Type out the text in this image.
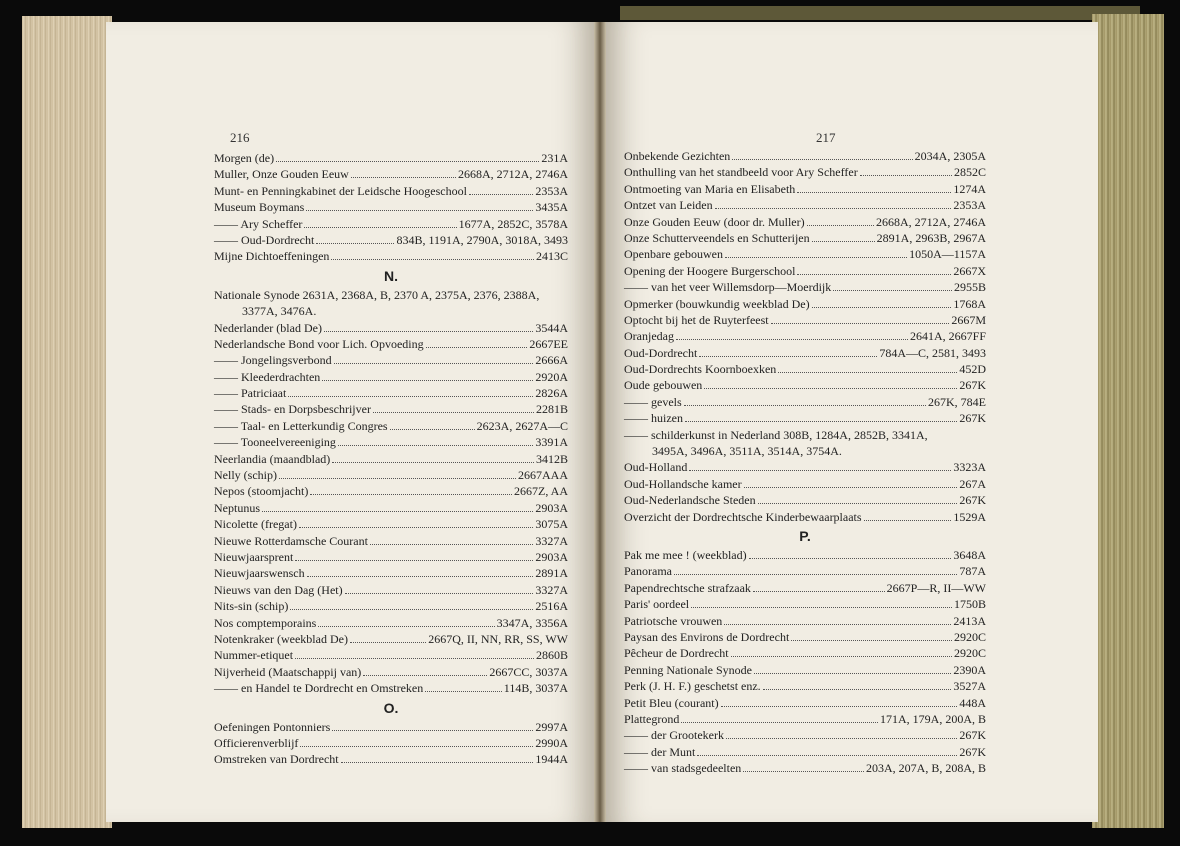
216
Morgen (de)	231A
Muller, Onze Gouden Eeuw	2668A, 2712A, 2746A
Munt- en Penningkabinet der Leidsche Hoogeschool	2353A
Museum Boymans	3435A
—— Ary Scheffer	1677A, 2852C, 3578A
—— Oud-Dordrecht	834B, 1191A, 2790A, 3018A, 3493
Mijne Dichtoeffeningen	2413C
N.
Nationale Synode 2631A, 2368A, B, 2370 A, 2375A, 2376, 2388A,
3377A, 3476A.
Nederlander (blad De)	3544A
Nederlandsche Bond voor Lich. Opvoeding	2667EE
—— Jongelingsverbond	2666A
—— Kleederdrachten	2920A
—— Patriciaat	2826A
—— Stads- en Dorpsbeschrijver	2281B
—— Taal- en Letterkundig Congres	2623A, 2627A—C
—— Tooneelvereeniging	3391A
Neerlandia (maandblad)	3412B
Nelly (schip)	2667AAA
Nepos (stoomjacht)	2667Z, AA
Neptunus	2903A
Nicolette (fregat)	3075A
Nieuwe Rotterdamsche Courant	3327A
Nieuwjaarsprent	2903A
Nieuwjaarswensch	2891A
Nieuws van den Dag (Het)	3327A
Nits-sin (schip)	2516A
Nos comptemporains	3347A, 3356A
Notenkraker (weekblad De)	2667Q, II, NN, RR, SS, WW
Nummer-etiquet	2860B
Nijverheid (Maatschappij van)	2667CC, 3037A
—— en Handel te Dordrecht en Omstreken	114B, 3037A
O.
Oefeningen Pontonniers	2997A
Officierenverblijf	2990A
Omstreken van Dordrecht	1944A
217
Onbekende Gezichten	2034A, 2305A
Onthulling van het standbeeld voor Ary Scheffer	2852C
Ontmoeting van Maria en Elisabeth	1274A
Ontzet van Leiden	2353A
Onze Gouden Eeuw (door dr. Muller)	2668A, 2712A, 2746A
Onze Schutterveendels en Schutterijen	2891A, 2963B, 2967A
Openbare gebouwen	1050A—1157A
Opening der Hoogere Burgerschool	2667X
—— van het veer Willemsdorp—Moerdijk	2955B
Opmerker (bouwkundig weekblad De)	1768A
Optocht bij het de Ruyterfeest	2667M
Oranjedag	2641A, 2667FF
Oud-Dordrecht	784A—C, 2581, 3493
Oud-Dordrechts Koornboexken	452D
Oude gebouwen	267K
—— gevels	267K, 784E
—— huizen	267K
—— schilderkunst in Nederland 308B, 1284A, 2852B, 3341A,
3495A, 3496A, 3511A, 3514A, 3754A.
Oud-Holland	3323A
Oud-Hollandsche kamer	267A
Oud-Nederlandsche Steden	267K
Overzicht der Dordrechtsche Kinderbewaarplaats	1529A
P.
Pak me mee ! (weekblad)	3648A
Panorama	787A
Papendrechtsche strafzaak	2667P—R, II—WW
Paris' oordeel	1750B
Patriotsche vrouwen	2413A
Paysan des Environs de Dordrecht	2920C
Pêcheur de Dordrecht	2920C
Penning Nationale Synode	2390A
Perk (J. H. F.) geschetst enz.	3527A
Petit Bleu (courant)	448A
Plattegrond	171A, 179A, 200A, B
—— der Grootekerk	267K
—— der Munt	267K
—— van stadsgedeelten	203A, 207A, B, 208A, B
